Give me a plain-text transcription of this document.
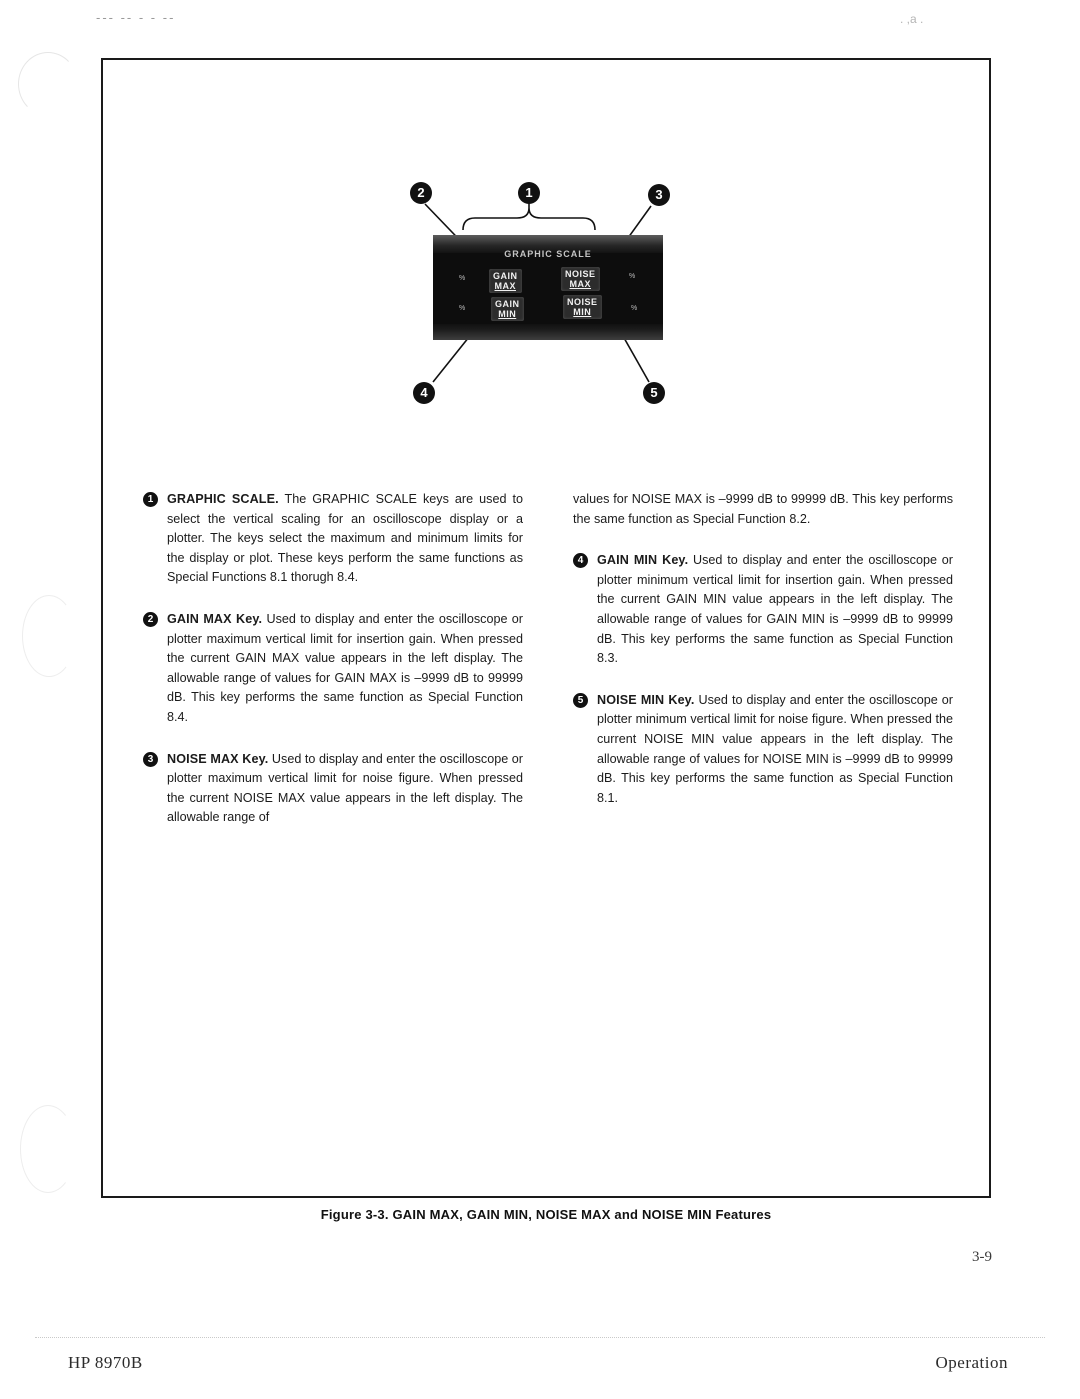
--- -- - - --	. ,a .
GRAPHIC SCALE
GAIN
MAX
NOISE
MAX
GAIN
MIN
NOISE
MIN
%	%
%	%
1
2	3
4	5
1	GRAPHIC SCALE. The GRAPHIC SCALE keys are used to select the vertical scaling for an oscilloscope display or a plotter. The keys select the maximum and minimum limits for the display or plot. These keys perform the same functions as Special Functions 8.1 thorugh 8.4.
2	GAIN MAX Key. Used to display and enter the oscilloscope or plotter maximum vertical limit for insertion gain. When pressed the current GAIN MAX value appears in the left display. The allowable range of values for GAIN MAX is –9999 dB to 99999 dB. This key performs the same function as Special Function 8.4.
3	NOISE MAX Key. Used to display and enter the oscilloscope or plotter maximum vertical limit for noise figure. When pressed the current NOISE MAX value appears in the left display. The allowable range of
values for NOISE MAX is –9999 dB to 99999 dB. This key performs the same function as Special Function 8.2.
4	GAIN MIN Key. Used to display and enter the oscilloscope or plotter minimum vertical limit for insertion gain. When pressed the current GAIN MIN value appears in the left display. The allowable range of values for GAIN MIN is –9999 dB to 99999 dB. This key performs the same function as Special Function 8.3.
5	NOISE MIN Key. Used to display and enter the oscilloscope or plotter minimum vertical limit for noise figure. When pressed the current NOISE MIN value appears in the left display. The allowable range of values for NOISE MIN is –9999 dB to 99999 dB. This key performs the same function as Special Function 8.1.
Figure 3-3. GAIN MAX, GAIN MIN, NOISE MAX and NOISE MIN Features
3-9
HP 8970B	Operation
